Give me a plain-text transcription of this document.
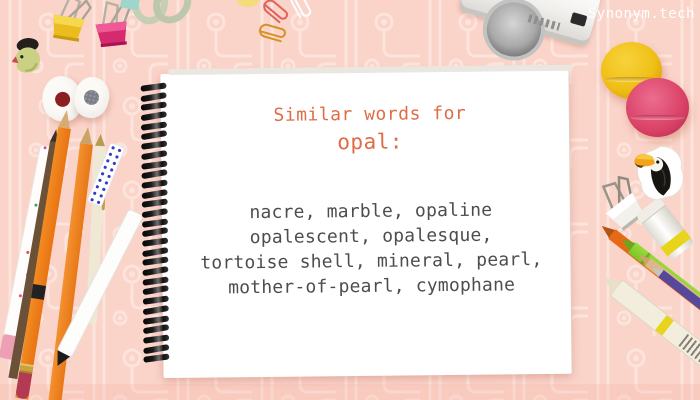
Similar words for
opal:
nacre, marble, opaline
opalescent, opalesque,
tortoise shell, mineral, pearl,
mother-of-pearl, cymophane
Synonym.tech
